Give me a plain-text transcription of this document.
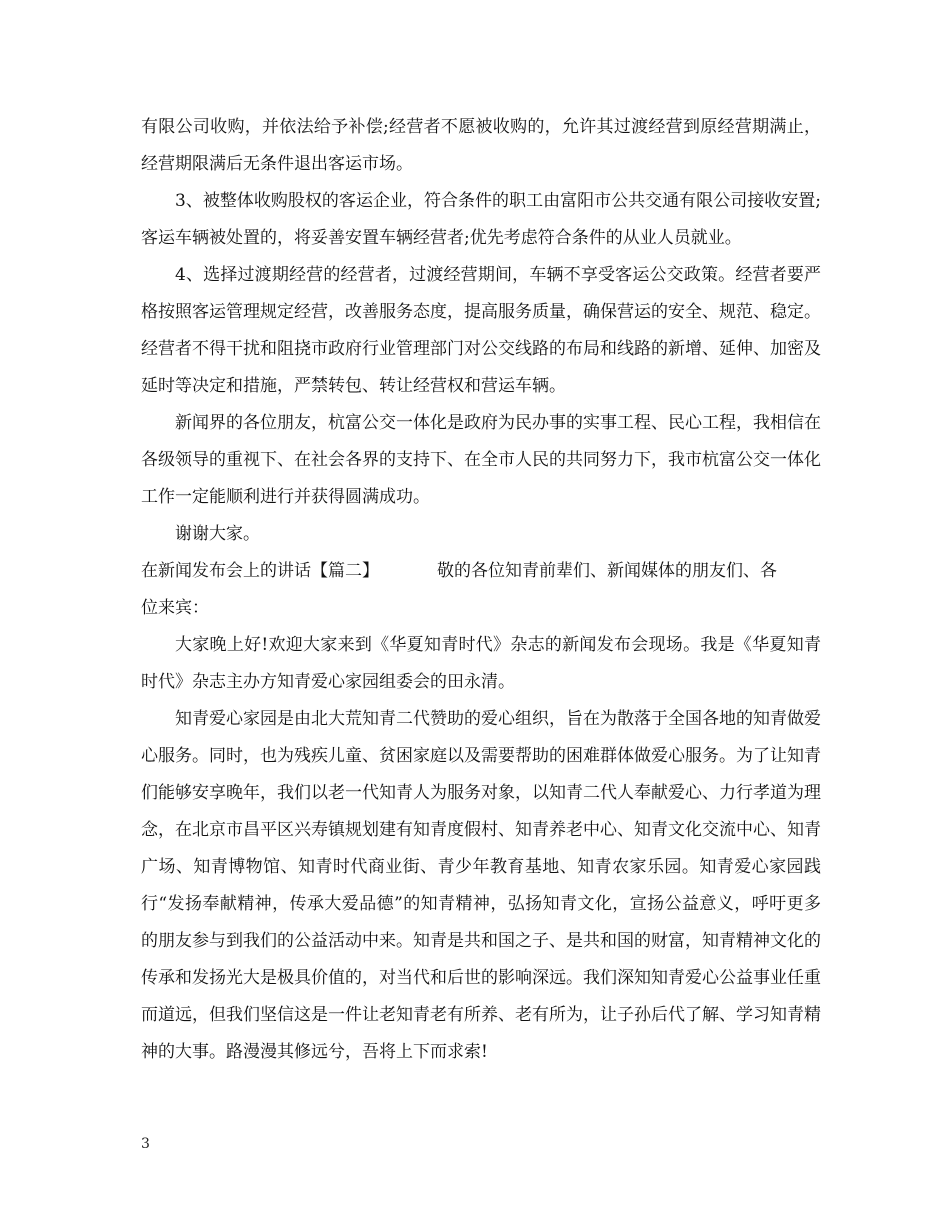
有限公司收购，并依法给予补偿;经营者不愿被收购的，允许其过渡经营到原经营期满止，经营期限满后无条件退出客运市场。

3、被整体收购股权的客运企业，符合条件的职工由富阳市公共交通有限公司接收安置;客运车辆被处置的，将妥善安置车辆经营者;优先考虑符合条件的从业人员就业。

4、选择过渡期经营的经营者，过渡经营期间，车辆不享受客运公交政策。经营者要严格按照客运管理规定经营，改善服务态度，提高服务质量，确保营运的安全、规范、稳定。经营者不得干扰和阻挠市政府行业管理部门对公交线路的布局和线路的新增、延伸、加密及延时等决定和措施，严禁转包、转让经营权和营运车辆。

新闻界的各位朋友，杭富公交一体化是政府为民办事的实事工程、民心工程，我相信在各级领导的重视下、在社会各界的支持下、在全市人民的共同努力下，我市杭富公交一体化工作一定能顺利进行并获得圆满成功。

谢谢大家。

在新闻发布会上的讲话【篇二】	敬的各位知青前辈们、新闻媒体的朋友们、各

位来宾：

大家晚上好!欢迎大家来到《华夏知青时代》杂志的新闻发布会现场。我是《华夏知青时代》杂志主办方知青爱心家园组委会的田永清。

知青爱心家园是由北大荒知青二代赞助的爱心组织，旨在为散落于全国各地的知青做爱心服务。同时，也为残疾儿童、贫困家庭以及需要帮助的困难群体做爱心服务。为了让知青们能够安享晚年，我们以老一代知青人为服务对象，以知青二代人奉献爱心、力行孝道为理念，在北京市昌平区兴寿镇规划建有知青度假村、知青养老中心、知青文化交流中心、知青广场、知青博物馆、知青时代商业街、青少年教育基地、知青农家乐园。知青爱心家园践行“发扬奉献精神，传承大爱品德”的知青精神，弘扬知青文化，宣扬公益意义，呼吁更多的朋友参与到我们的公益活动中来。知青是共和国之子、是共和国的财富，知青精神文化的传承和发扬光大是极具价值的，对当代和后世的影响深远。我们深知知青爱心公益事业任重而道远，但我们坚信这是一件让老知青老有所养、老有所为，让子孙后代了解、学习知青精神的大事。路漫漫其修远兮，吾将上下而求索!

3
